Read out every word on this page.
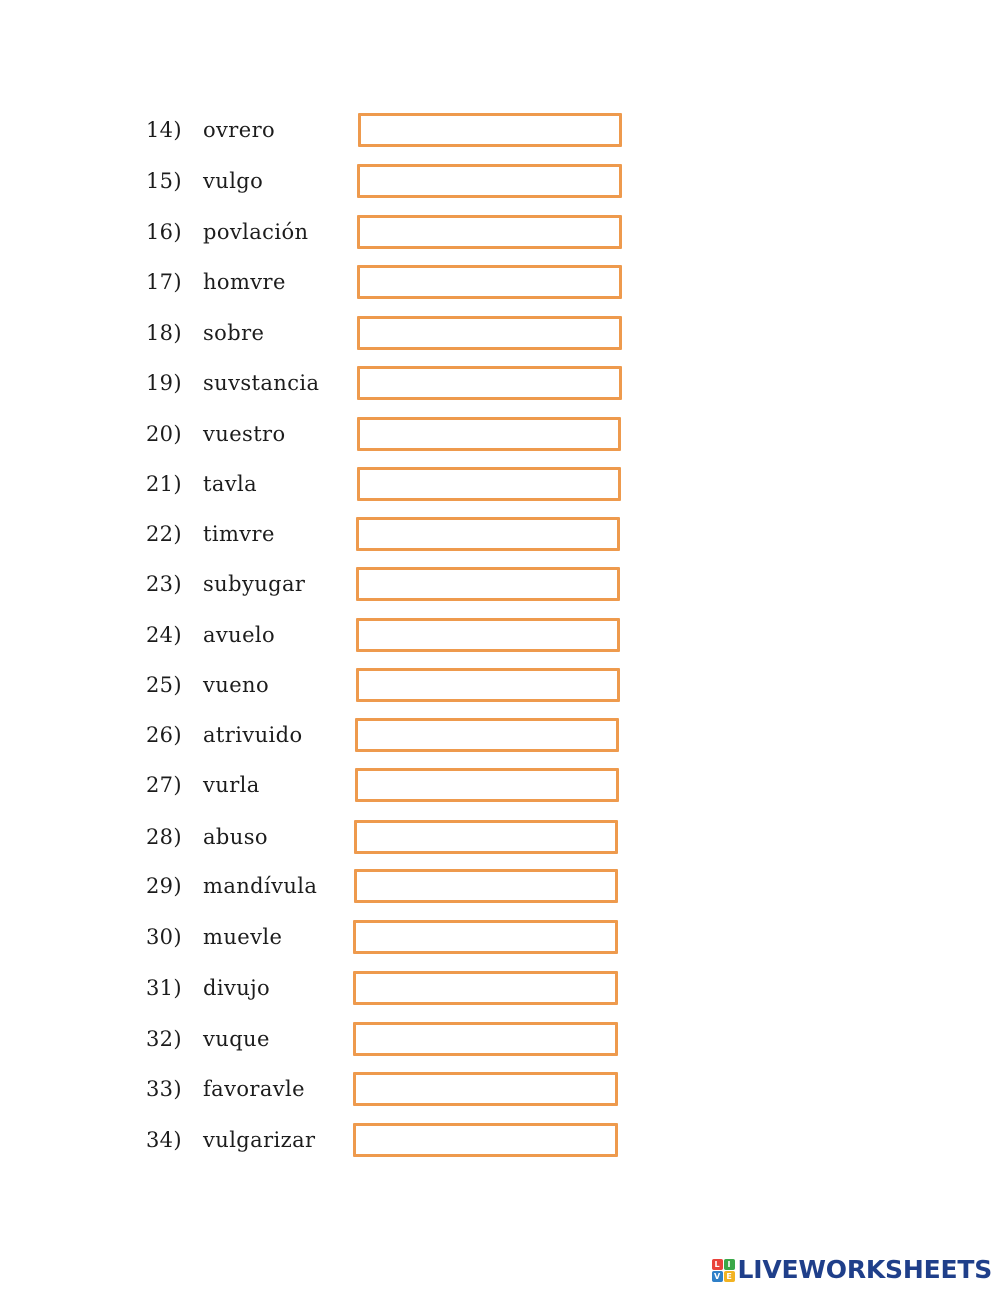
14) ovrero
15) vulgo
16) povlación
17) homvre
18) sobre
19) suvstancia
20) vuestro
21) tavla
22) timvre
23) subyugar
24) avuelo
25) vueno
26) atrivuido
27) vurla
28) abuso
29) mandívula
30) muevle
31) divujo
32) vuque
33) favoravle
34) vulgarizar
L I
V E LIVEWORKSHEETS
